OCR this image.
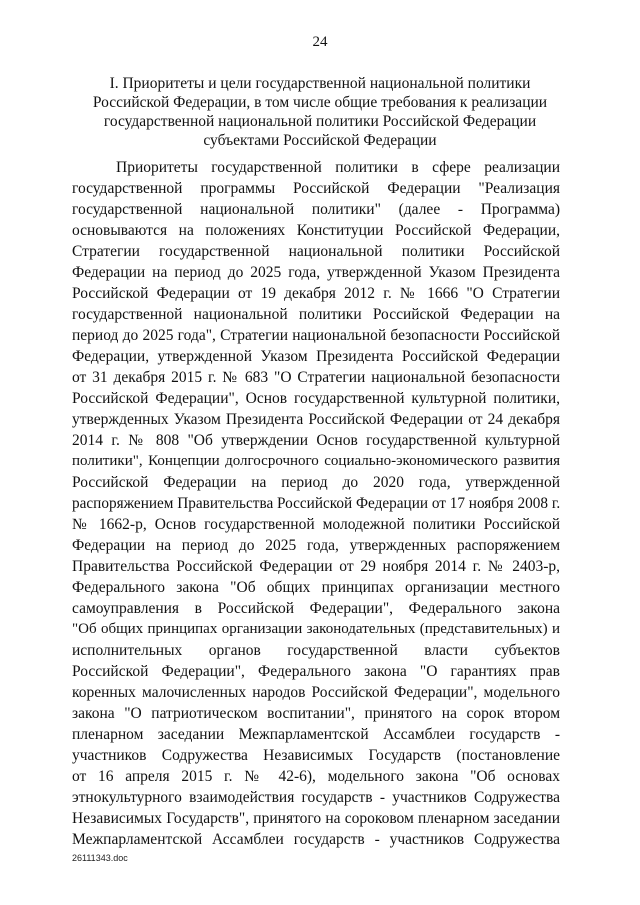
24
I. Приоритеты и цели государственной национальной политики
Российской Федерации, в том числе общие требования к реализации
государственной национальной политики Российской Федерации
субъектами Российской Федерации
Приоритеты государственной политики в сфере реализации
государственной программы Российской Федерации "Реализация
государственной национальной политики" (далее - Программа)
основываются на положениях Конституции Российской Федерации,
Стратегии государственной национальной политики Российской
Федерации на период до 2025 года, утвержденной Указом Президента
Российской Федерации от 19 декабря 2012 г. № 1666 "О Стратегии
государственной национальной политики Российской Федерации на
период до 2025 года", Стратегии национальной безопасности Российской
Федерации, утвержденной Указом Президента Российской Федерации
от 31 декабря 2015 г. № 683 "О Стратегии национальной безопасности
Российской Федерации", Основ государственной культурной политики,
утвержденных Указом Президента Российской Федерации от 24 декабря
2014 г. № 808 "Об утверждении Основ государственной культурной
политики", Концепции долгосрочного социально-экономического развития
Российской Федерации на период до 2020 года, утвержденной
распоряжением Правительства Российской Федерации от 17 ноября 2008 г.
№ 1662-р, Основ государственной молодежной политики Российской
Федерации на период до 2025 года, утвержденных распоряжением
Правительства Российской Федерации от 29 ноября 2014 г. № 2403-р,
Федерального закона "Об общих принципах организации местного
самоуправления в Российской Федерации", Федерального закона
"Об общих принципах организации законодательных (представительных) и
исполнительных органов государственной власти субъектов
Российской Федерации", Федерального закона "О гарантиях прав
коренных малочисленных народов Российской Федерации", модельного
закона "О патриотическом воспитании", принятого на сорок втором
пленарном заседании Межпарламентской Ассамблеи государств -
участников Содружества Независимых Государств (постановление
от 16 апреля 2015 г. № 42-6), модельного закона "Об основах
этнокультурного взаимодействия государств - участников Содружества
Независимых Государств", принятого на сороковом пленарном заседании
Межпарламентской Ассамблеи государств - участников Содружества
26111343.doc
